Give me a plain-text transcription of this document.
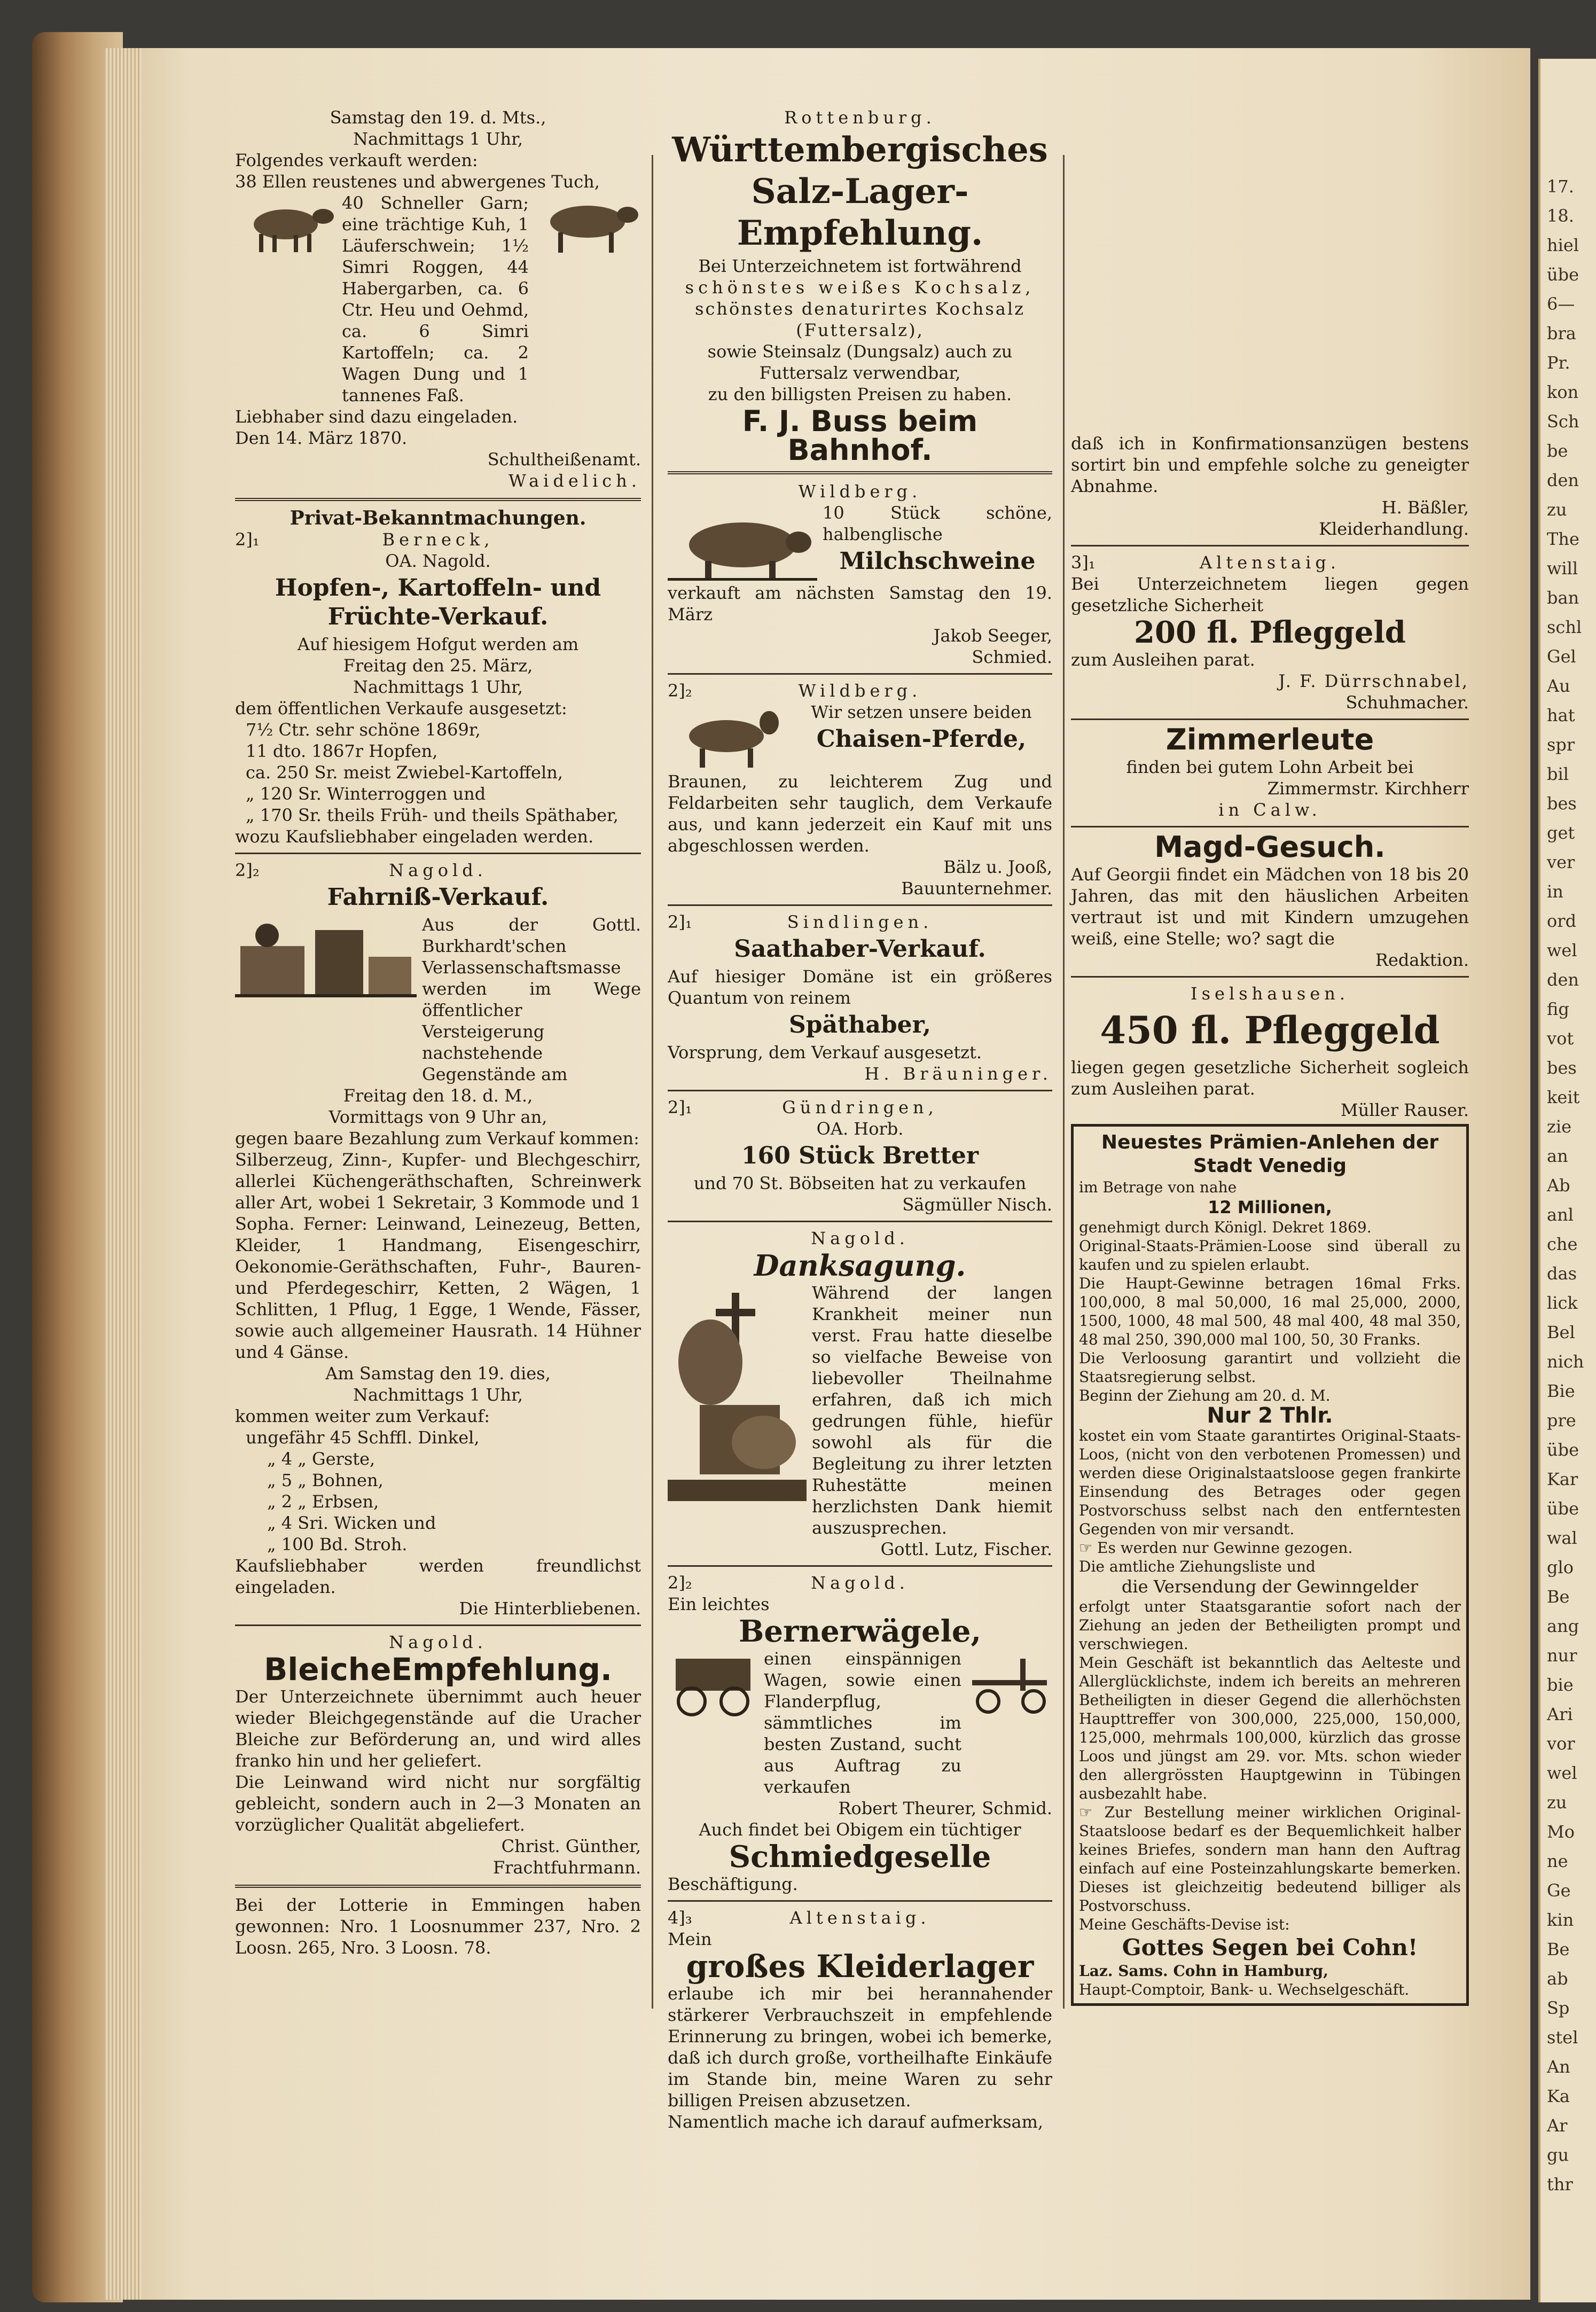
17.
18.
hiel
übe
6—
bra
Pr.
kon
Sch
be
den
zu
The
will
ban
schl
Gel
Au
hat
spr
bil
bes
get
ver
in
ord
wel
den
fig
vot
bes
keit
zie
an
Ab
anl
che
das
lick
Bel
nich
Bie
pre
übe
Kar
übe
wal
glo
Be
ang
nur
bie
Ari
vor
wel
zu
Mo
ne
Ge
kin
Be
ab
Sp
stel
An
Ka
Ar
gu
thr

Samstag den 19. d. Mts.,

Nachmittags 1 Uhr,

Folgendes verkauft werden:

38 Ellen reustenes und abwergenes Tuch,

40 Schneller Garn; eine trächtige Kuh, 1 Läuferschwein; 1½ Simri Roggen, 44 Habergarben, ca. 6 Ctr. Heu und Oehmd, ca. 6 Simri Kartoffeln; ca. 2 Wagen Dung und 1 tannenes Faß.

Liebhaber sind dazu eingeladen.

Den 14. März 1870.

Schultheißenamt.

Waidelich.

Privat-Bekanntmachungen.

2]₁	Berneck,

OA. Nagold.

Hopfen-, Kartoffeln- und Früchte-Verkauf.

Auf hiesigem Hofgut werden am

Freitag den 25. März,

Nachmittags 1 Uhr,

dem öffentlichen Verkaufe ausgesetzt:

7½ Ctr. sehr schöne 1869r,

11 dto. 1867r Hopfen,

ca. 250 Sr. meist Zwiebel-Kartoffeln,

„ 120 Sr. Winterroggen und

„ 170 Sr. theils Früh- und theils Späthaber,

wozu Kaufsliebhaber eingeladen werden.

2]₂	Nagold.

Fahrniß-Verkauf.

Aus der Gottl. Burkhardt'schen Verlassenschaftsmasse werden im Wege öffentlicher Versteigerung nachstehende Gegenstände am

Freitag den 18. d. M.,

Vormittags von 9 Uhr an,

gegen baare Bezahlung zum Verkauf kommen:

Silberzeug, Zinn-, Kupfer- und Blechgeschirr, allerlei Küchengeräthschaften, Schreinwerk aller Art, wobei 1 Sekretair, 3 Kommode und 1 Sopha. Ferner: Leinwand, Leinezeug, Betten, Kleider, 1 Handmang, Eisengeschirr, Oekonomie-Geräthschaften, Fuhr-, Bauren- und Pferdegeschirr, Ketten, 2 Wägen, 1 Schlitten, 1 Pflug, 1 Egge, 1 Wende, Fässer, sowie auch allgemeiner Hausrath. 14 Hühner und 4 Gänse.

Am Samstag den 19. dies,

Nachmittags 1 Uhr,

kommen weiter zum Verkauf:

ungefähr 45 Schffl. Dinkel,

„ 4 „ Gerste,

„ 5 „ Bohnen,

„ 2 „ Erbsen,

„ 4 Sri. Wicken und

„ 100 Bd. Stroh.

Kaufsliebhaber werden freundlichst eingeladen.

Die Hinterbliebenen.

Nagold.

BleicheEmpfehlung.

Der Unterzeichnete übernimmt auch heuer wieder Bleichgegenstände auf die Uracher Bleiche zur Beförderung an, und wird alles franko hin und her geliefert.

Die Leinwand wird nicht nur sorgfältig gebleicht, sondern auch in 2—3 Monaten an vorzüglicher Qualität abgeliefert.

Christ. Günther,

Frachtfuhrmann.

Bei der Lotterie in Emmingen haben gewonnen: Nro. 1 Loosnummer 237, Nro. 2 Loosn. 265, Nro. 3 Loosn. 78.

Rottenburg.

Württembergisches Salz-Lager-Empfehlung.

Bei Unterzeichnetem ist fortwährend

schönstes weißes Kochsalz,

schönstes denaturirtes Kochsalz (Futtersalz),

sowie Steinsalz (Dungsalz) auch zu Futtersalz verwendbar,

zu den billigsten Preisen zu haben.

F. J. Buss beim Bahnhof.

Wildberg.

10 Stück schöne, halbenglische

Milchschweine

verkauft am nächsten Samstag den 19. März

Jakob Seeger,

Schmied.

2]₂	Wildberg.

Wir setzen unsere beiden

Chaisen-Pferde,

Braunen, zu leichterem Zug und Feldarbeiten sehr tauglich, dem Verkaufe aus, und kann jederzeit ein Kauf mit uns abgeschlossen werden.

Bälz u. Jooß,

Bauunternehmer.

2]₁	Sindlingen.

Saathaber-Verkauf.

Auf hiesiger Domäne ist ein größeres Quantum von reinem

Späthaber,

Vorsprung, dem Verkauf ausgesetzt.

H. Bräuninger.

2]₁	Gündringen,

OA. Horb.

160 Stück Bretter

und 70 St. Böbseiten hat zu verkaufen

Sägmüller Nisch.

Nagold.

Danksagung.

Während der langen Krankheit meiner nun verst. Frau hatte dieselbe so vielfache Beweise von liebevoller Theilnahme erfahren, daß ich mich gedrungen fühle, hiefür sowohl als für die Begleitung zu ihrer letzten Ruhestätte meinen herzlichsten Dank hiemit auszusprechen.

Gottl. Lutz, Fischer.

2]₂	Nagold.

Ein leichtes

Bernerwägele,

einen einspännigen Wagen, sowie einen Flanderpflug, sämmtliches im besten Zustand, sucht aus Auftrag zu verkaufen

Robert Theurer, Schmid.

Auch findet bei Obigem ein tüchtiger

Schmiedgeselle

Beschäftigung.

4]₃	Altenstaig.

Mein

großes Kleiderlager

erlaube ich mir bei herannahender stärkerer Verbrauchszeit in empfehlende Erinnerung zu bringen, wobei ich bemerke, daß ich durch große, vortheilhafte Einkäufe im Stande bin, meine Waren zu sehr billigen Preisen abzusetzen.

Namentlich mache ich darauf aufmerksam,

daß ich in Konfirmationsanzügen bestens sortirt bin und empfehle solche zu geneigter Abnahme.

H. Bäßler,

Kleiderhandlung.

3]₁	Altenstaig.

Bei Unterzeichnetem liegen gegen gesetzliche Sicherheit

200 fl. Pfleggeld

zum Ausleihen parat.

J. F. Dürrschnabel,

Schuhmacher.

Zimmerleute

finden bei gutem Lohn Arbeit bei

Zimmermstr. Kirchherr

in Calw.

Magd-Gesuch.

Auf Georgii findet ein Mädchen von 18 bis 20 Jahren, das mit den häuslichen Arbeiten vertraut ist und mit Kindern umzugehen weiß, eine Stelle; wo? sagt die

Redaktion.

Iselshausen.

450 fl. Pfleggeld

liegen gegen gesetzliche Sicherheit sogleich zum Ausleihen parat.

Müller Rauser.

Neuestes Prämien-Anlehen der Stadt Venedig

im Betrage von nahe

12 Millionen,

genehmigt durch Königl. Dekret 1869.

Original-Staats-Prämien-Loose sind überall zu kaufen und zu spielen erlaubt.

Die Haupt-Gewinne betragen 16mal Frks. 100,000, 8 mal 50,000, 16 mal 25,000, 2000, 1500, 1000, 48 mal 500, 48 mal 400, 48 mal 350, 48 mal 250, 390,000 mal 100, 50, 30 Franks.

Die Verloosung garantirt und vollzieht die Staatsregierung selbst.

Beginn der Ziehung am 20. d. M.

Nur 2 Thlr.

kostet ein vom Staate garantirtes Original-Staats-Loos, (nicht von den verbotenen Promessen) und werden diese Originalstaatsloose gegen frankirte Einsendung des Betrages oder gegen Postvorschuss selbst nach den entferntesten Gegenden von mir versandt.

☞ Es werden nur Gewinne gezogen.

Die amtliche Ziehungsliste und

die Versendung der Gewinngelder

erfolgt unter Staatsgarantie sofort nach der Ziehung an jeden der Betheiligten prompt und verschwiegen.

Mein Geschäft ist bekanntlich das Aelteste und Allerglücklichste, indem ich bereits an mehreren Betheiligten in dieser Gegend die allerhöchsten Haupttreffer von 300,000, 225,000, 150,000, 125,000, mehrmals 100,000, kürzlich das grosse Loos und jüngst am 29. vor. Mts. schon wieder den allergrössten Hauptgewinn in Tübingen ausbezahlt habe.

☞ Zur Bestellung meiner wirklichen Original-Staatsloose bedarf es der Bequemlichkeit halber keines Briefes, sondern man hann den Auftrag einfach auf eine Posteinzahlungskarte bemerken. Dieses ist gleichzeitig bedeutend billiger als Postvorschuss.

Meine Geschäfts-Devise ist:

Gottes Segen bei Cohn!

Laz. Sams. Cohn in Hamburg,

Haupt-Comptoir, Bank- u. Wechselgeschäft.
